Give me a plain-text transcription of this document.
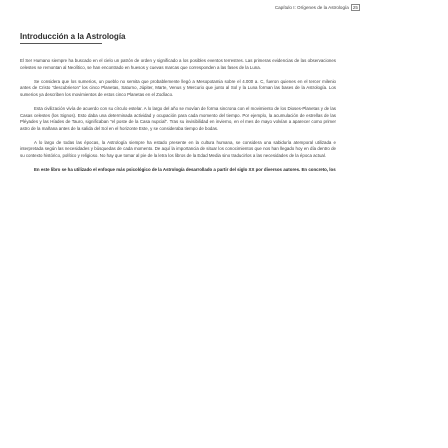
Capítulo I: Orígenes de la Astrología 25
Introducción a la Astrología

El Ser Humano siempre ha buscado en el cielo un patrón de orden y significado a los posibles eventos terrestres. Las primeras evidencias de las observaciones celestes se remontan al Neolítico, se han encontrado en huesos y cuevas marcas que corresponden a las fases de la Luna.

Se considera que los sumerios, un pueblo no semita que probablemente llegó a Mesopotamia sobre el 4.000 a. C, fueron quienes en el tercer milenio antes de Cristo "descubrieron" los cinco Planetas, Saturno, Júpiter, Marte, Venus y Mercurio que junto al Sol y la Luna forman las bases de la Astrología. Los sumerios ya describen los movimientos de estos cinco Planetas en el Zodíaco.

Esta civilización vivía de acuerdo con su círculo estelar. A lo largo del año se movían de forma sincrona con el movimiento de los Dioses-Planetas y de las Casas celestes (los Signos). Esto daba una determinada actividad y ocupación para cada momento del tiempo. Por ejemplo, la acumulación de estrellas de las Pléyades y las Híades de Tauro, significaban "el poste de la Casa nupcial". Tras su invisibilidad en invierno, en el mes de mayo volvían a aparecer como primer astro de la mañana antes de la salida del Sol en el horizonte Este, y se consideraba tiempo de bodas.

A lo largo de todas las épocas, la Astrología siempre ha estado presente en la cultura humana, se considera una sabiduría atemporal utilizada e interpretada según las necesidades y búsquedas de cada momento. De aquí la importancia de situar los conocimientos que nos han llegado hoy en día dentro de su contexto histórico, político y religioso. No hay que tomar al pie de la letra los libros de la Edad Media sino traducirlos a las necesidades de la época actual.

En este libro se ha utilizado el enfoque más psicológico de la Astrología desarrollado a partir del siglo XX por diversos autores. En concreto, los
